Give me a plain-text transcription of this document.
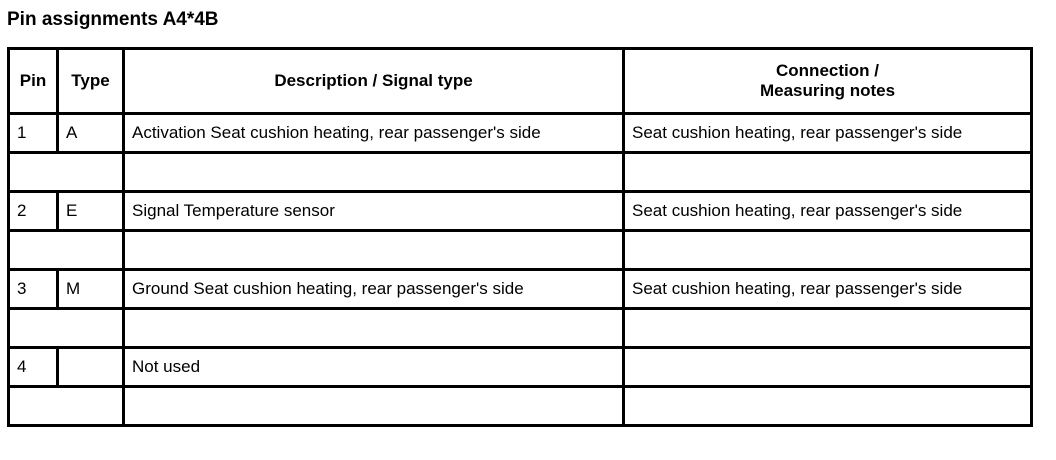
Pin assignments A4*4B
Pin	Type	Description / Signal type	Connection /
Measuring notes
1	A	Activation Seat cushion heating, rear passenger's side	Seat cushion heating, rear passenger's side

2	E	Signal Temperature sensor	Seat cushion heating, rear passenger's side

3	M	Ground Seat cushion heating, rear passenger's side	Seat cushion heating, rear passenger's side

4		Not used	
